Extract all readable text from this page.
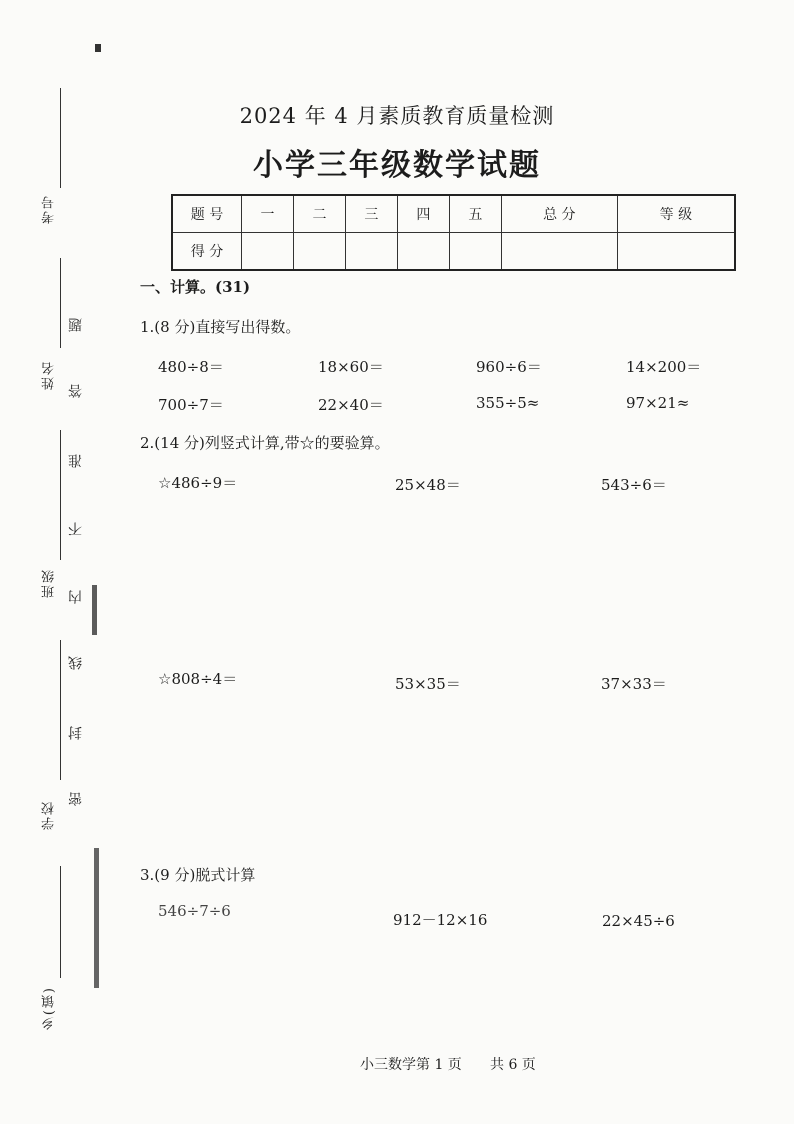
考号
姓名
班级
学校
乡(镇)
题
答
准
不
内
线
封
密
2024 年 4 月素质教育质量检测
小学三年级数学试题
题 号	一	二	三	四	五	总 分	等 级
得 分							
一、计算。(31)
1.(8 分)直接写出得数。
480÷8＝	18×60＝	960÷6＝	14×200＝
700÷7＝	22×40＝	355÷5≈	97×21≈
2.(14 分)列竖式计算,带☆的要验算。
☆486÷9＝	25×48＝	543÷6＝
☆808÷4＝	53×35＝	37×33＝
3.(9 分)脱式计算
546÷7÷6	912－12×16	22×45÷6
小三数学第 1 页 共 6 页
